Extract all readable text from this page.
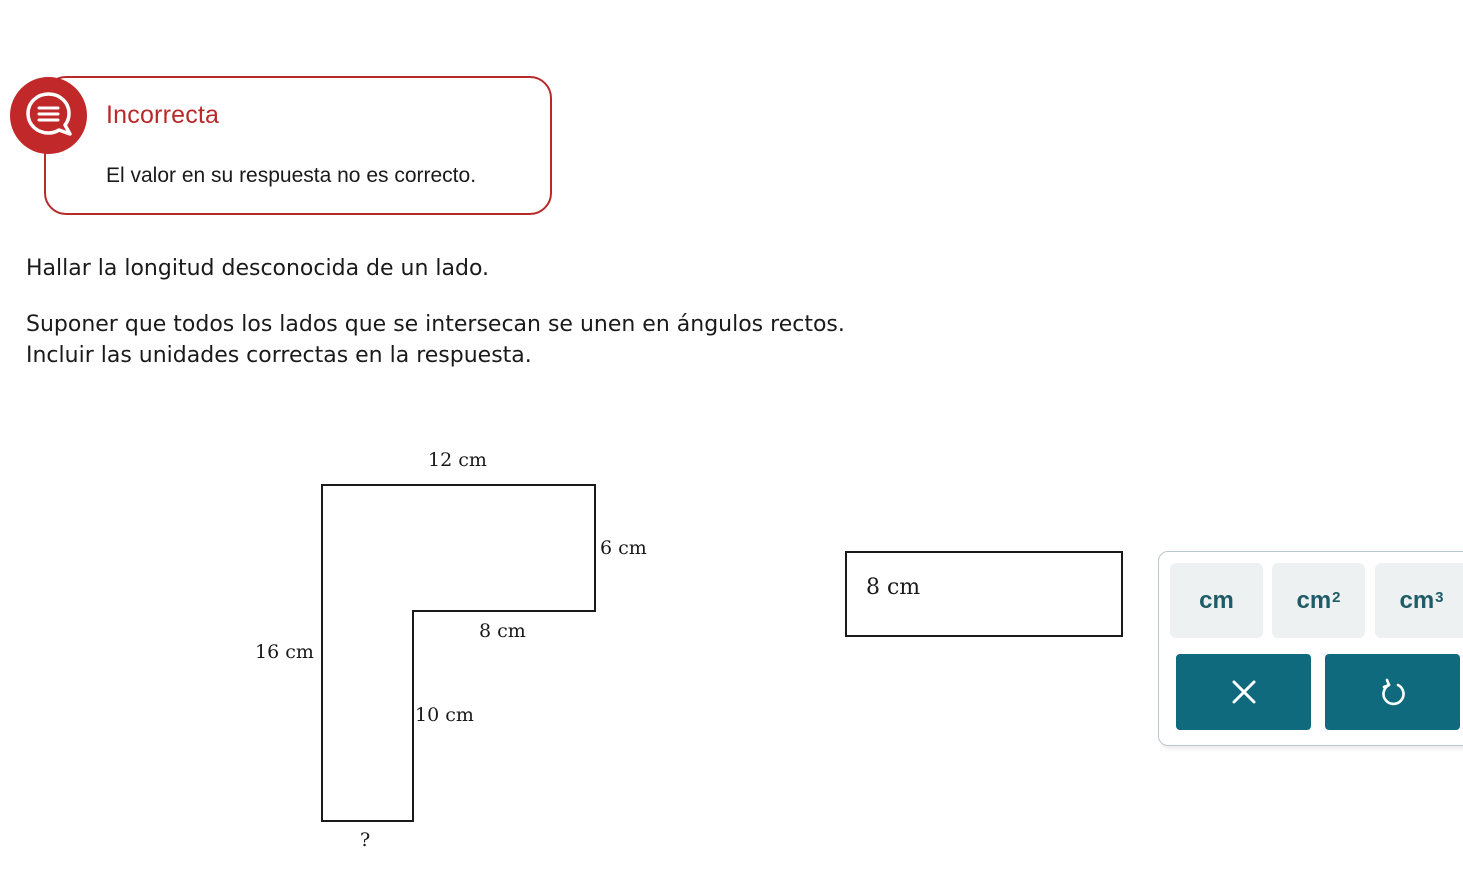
Incorrecta
El valor en su respuesta no es correcto.
Hallar la longitud desconocida de un lado.
Suponer que todos los lados que se intersecan se unen en ángulos rectos.
Incluir las unidades correctas en la respuesta.
12 cm
6 cm
8 cm
16 cm
10 cm
?
8 cm	cm	$cm^2$ $cm^3$
